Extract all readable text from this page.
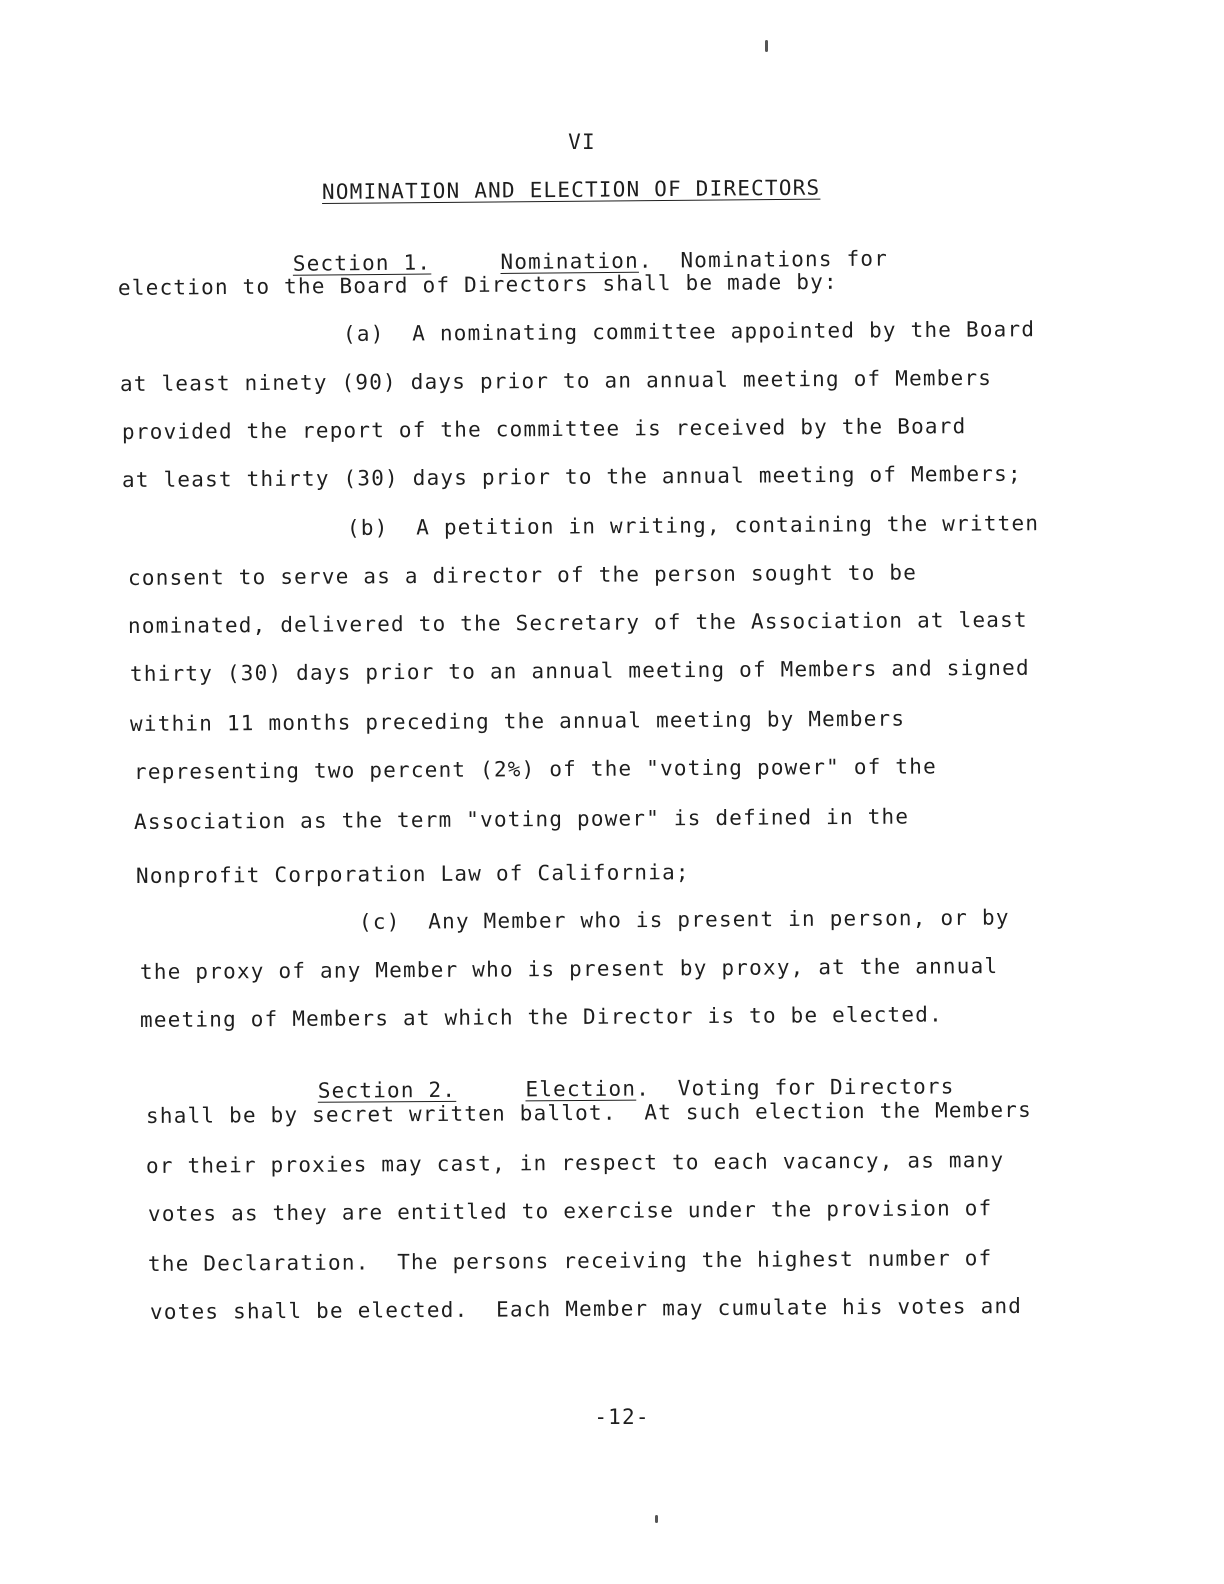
VI
NOMINATION AND ELECTION OF DIRECTORS

Section 1.	Nomination. Nominations for

election to the Board of Directors shall be made by:
(a)  A nominating committee appointed by the Board
at least ninety (90) days prior to an annual meeting of Members
provided the report of the committee is received by the Board
at least thirty (30) days prior to the annual meeting of Members;
(b)  A petition in writing, containing the written
consent to serve as a director of the person sought to be
nominated, delivered to the Secretary of the Association at least
thirty (30) days prior to an annual meeting of Members and signed
within 11 months preceding the annual meeting by Members
representing two percent (2%) of the "voting power" of the
Association as the term "voting power" is defined in the
Nonprofit Corporation Law of California;
(c)  Any Member who is present in person, or by
the proxy of any Member who is present by proxy, at the annual
meeting of Members at which the Director is to be elected.

Section 2.	Election. Voting for Directors

shall be by secret written ballot.  At such election the Members
or their proxies may cast, in respect to each vacancy, as many
votes as they are entitled to exercise under the provision of
the Declaration.  The persons receiving the highest number of
votes shall be elected.  Each Member may cumulate his votes and
-12-
